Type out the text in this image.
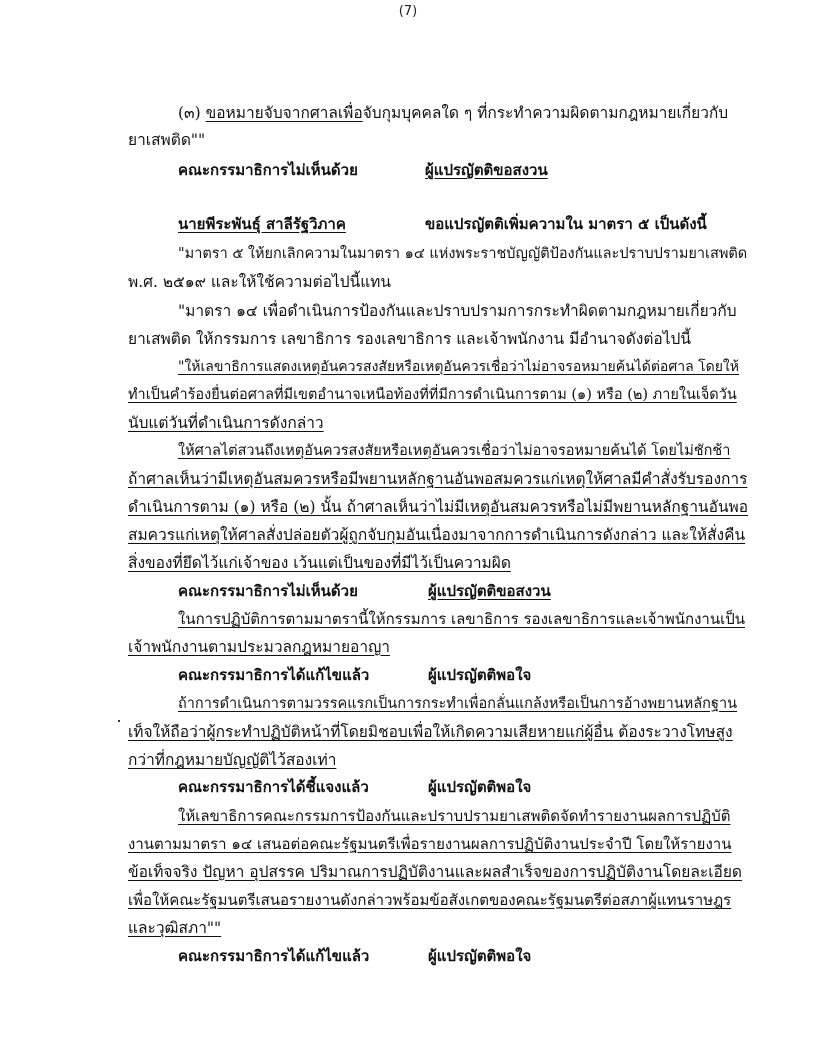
(7)
(๓) ขอหมายจับจากศาลเพื่อจับกุมบุคคลใด ๆ ที่กระทำความผิดตามกฎหมายเกี่ยวกับ
ยาเสพติด""
คณะกรรมาธิการไม่เห็นด้วย	ผู้แปรญัตติขอสงวน
นายพีระพันธุ์ สาลีรัฐวิภาค	ขอแปรญัตติเพิ่มความใน มาตรา ๕ เป็นดังนี้
"มาตรา ๕ ให้ยกเลิกความในมาตรา ๑๔ แห่งพระราชบัญญัติป้องกันและปราบปรามยาเสพติด
พ.ศ. ๒๕๑๙ และให้ใช้ความต่อไปนี้แทน
"มาตรา ๑๔ เพื่อดำเนินการป้องกันและปราบปรามการกระทำผิดตามกฎหมายเกี่ยวกับ
ยาเสพติด ให้กรรมการ เลขาธิการ รองเลขาธิการ และเจ้าพนักงาน มีอำนาจดังต่อไปนี้
"ให้เลขาธิการแสดงเหตุอันควรสงสัยหรือเหตุอันควรเชื่อว่าไม่อาจรอหมายค้นได้ต่อศาล โดยให้
ทำเป็นคำร้องยื่นต่อศาลที่มีเขตอำนาจเหนือท้องที่ที่มีการดำเนินการตาม (๑) หรือ (๒) ภายในเจ็ดวัน
นับแต่วันที่ดำเนินการดังกล่าว
ให้ศาลไต่สวนถึงเหตุอันควรสงสัยหรือเหตุอันควรเชื่อว่าไม่อาจรอหมายค้นได้ โดยไม่ชักช้า
ถ้าศาลเห็นว่ามีเหตุอันสมควรหรือมีพยานหลักฐานอันพอสมควรแก่เหตุให้ศาลมีคำสั่งรับรองการ
ดำเนินการตาม (๑) หรือ (๒) นั้น ถ้าศาลเห็นว่าไม่มีเหตุอันสมควรหรือไม่มีพยานหลักฐานอันพอ
สมควรแก่เหตุให้ศาลสั่งปล่อยตัวผู้ถูกจับกุมอันเนื่องมาจากการดำเนินการดังกล่าว และให้สั่งคืน
สิ่งของที่ยึดไว้แก่เจ้าของ เว้นแต่เป็นของที่มีไว้เป็นความผิด
คณะกรรมาธิการไม่เห็นด้วย	ผู้แปรญัตติขอสงวน
ในการปฏิบัติการตามมาตรานี้ให้กรรมการ เลขาธิการ รองเลขาธิการและเจ้าพนักงานเป็น
เจ้าพนักงานตามประมวลกฎหมายอาญา
คณะกรรมาธิการได้แก้ไขแล้ว	ผู้แปรญัตติพอใจ
ถ้าการดำเนินการตามวรรคแรกเป็นการกระทำเพื่อกลั่นแกล้งหรือเป็นการอ้างพยานหลักฐาน
เท็จให้ถือว่าผู้กระทำปฏิบัติหน้าที่โดยมิชอบเพื่อให้เกิดความเสียหายแก่ผู้อื่น ต้องระวางโทษสูง
กว่าที่กฎหมายบัญญัติไว้สองเท่า
คณะกรรมาธิการได้ชี้แจงแล้ว	ผู้แปรญัตติพอใจ
ให้เลขาธิการคณะกรรมการป้องกันและปราบปรามยาเสพติดจัดทำรายงานผลการปฏิบัติ
งานตามมาตรา ๑๔ เสนอต่อคณะรัฐมนตรีเพื่อรายงานผลการปฏิบัติงานประจำปี โดยให้รายงาน
ข้อเท็จจริง ปัญหา อุปสรรค ปริมาณการปฏิบัติงานและผลสำเร็จของการปฏิบัติงานโดยละเอียด
เพื่อให้คณะรัฐมนตรีเสนอรายงานดังกล่าวพร้อมข้อสังเกตของคณะรัฐมนตรีต่อสภาผู้แทนราษฎร
และวุฒิสภา""
คณะกรรมาธิการได้แก้ไขแล้ว	ผู้แปรญัตติพอใจ
